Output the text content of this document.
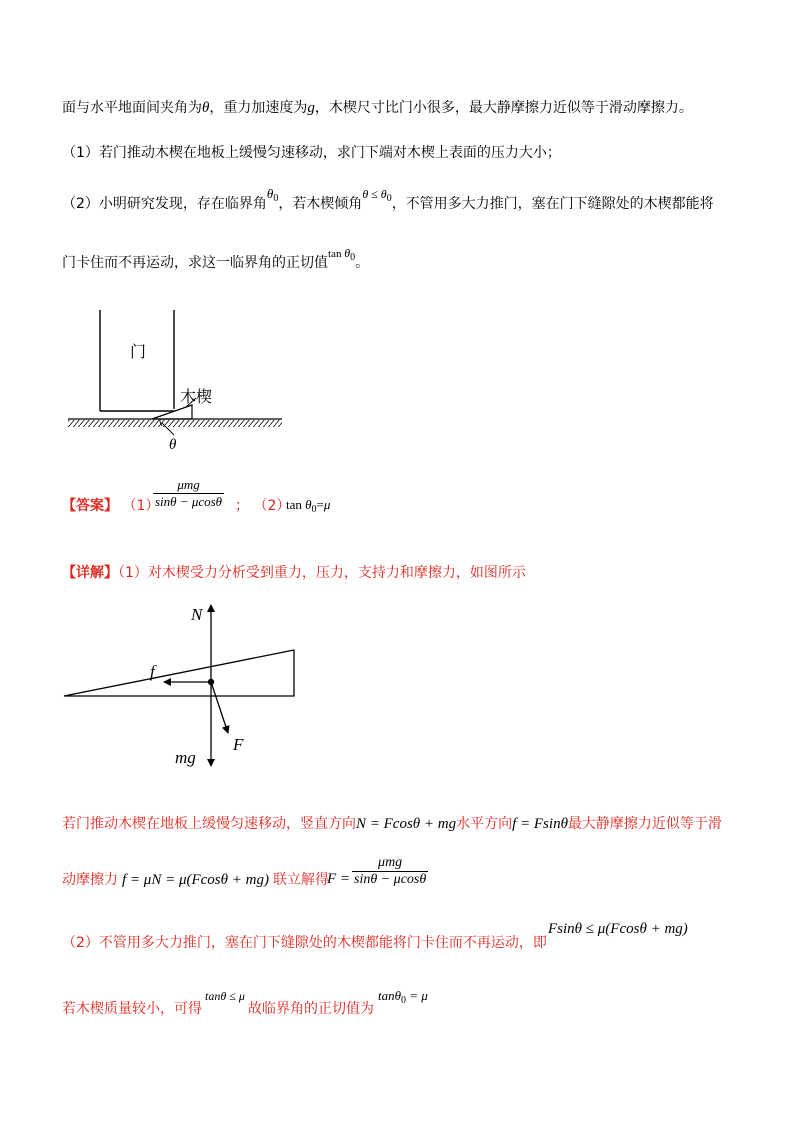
面与水平地面间夹角为θ，重力加速度为g，木楔尺寸比门小很多，最大静摩擦力近似等于滑动摩擦力。
（1）若门推动木楔在地板上缓慢匀速移动，求门下端对木楔上表面的压力大小；
（2）小明研究发现，存在临界角$^{\theta 0}$，若木楔倾角$^{\theta \le \theta 0}$，不管用多大力推门，塞在门下缝隙处的木楔都能将
门卡住而不再运动，求这一临界角的正切值$^{tan \theta 0}$。
门
木楔
θ
【答案】 （1）
μmg
sinθ − μcosθ ； （2）
$\tan \theta_0=\mu$
【详解】（1）对木楔受力分析受到重力，压力，支持力和摩擦力，如图所示
N
f
mg
F
若门推动木楔在地板上缓慢匀速移动，竖直方向N = Fcosθ + mg水平方向f = Fsinθ最大静摩擦力近似等于滑
动摩擦力 f = μN = μ(Fcosθ + mg) 联立解得
F =
μmg
sinθ − μcosθ
（2）不管用多大力推门，塞在门下缝隙处的木楔都能将门卡住而不再运动，即
Fsinθ ≤ μ(Fcosθ + mg)
若木楔质量较小，可得
tanθ ≤ μ
故临界角的正切值为
tanθ$_0$ = μ
